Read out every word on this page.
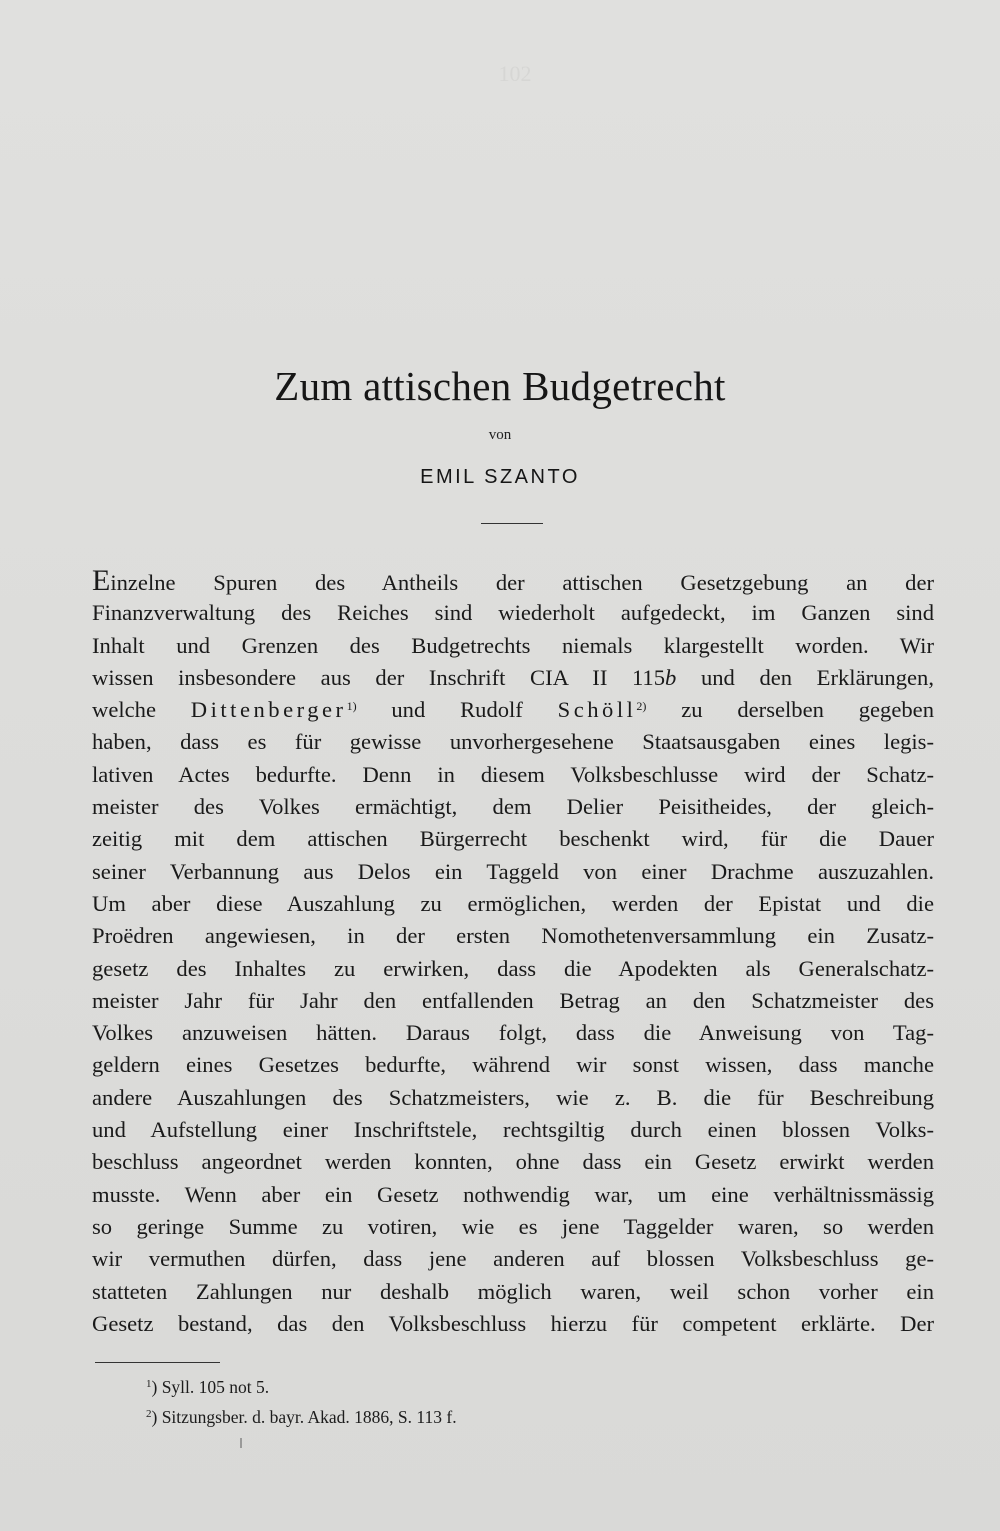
Zum attischen Budgetrecht
von
EMIL SZANTO
Einzelne Spuren des Antheils der attischen Gesetzgebung an der
Finanzverwaltung des Reiches sind wiederholt aufgedeckt, im Ganzen sind
Inhalt und Grenzen des Budgetrechts niemals klargestellt worden. Wir
wissen insbesondere aus der Inschrift CIA II 115b und den Erklärungen,
welche Dittenberger$^{1)}$ und Rudolf Schöll$^{2)}$ zu derselben gegeben
haben, dass es für gewisse unvorhergesehene Staatsausgaben eines legis-
lativen Actes bedurfte. Denn in diesem Volksbeschlusse wird der Schatz-
meister des Volkes ermächtigt, dem Delier Peisitheides, der gleich-
zeitig mit dem attischen Bürgerrecht beschenkt wird, für die Dauer
seiner Verbannung aus Delos ein Taggeld von einer Drachme auszuzahlen.
Um aber diese Auszahlung zu ermöglichen, werden der Epistat und die
Proëdren angewiesen, in der ersten Nomothetenversammlung ein Zusatz-
gesetz des Inhaltes zu erwirken, dass die Apodekten als Generalschatz-
meister Jahr für Jahr den entfallenden Betrag an den Schatzmeister des
Volkes anzuweisen hätten. Daraus folgt, dass die Anweisung von Tag-
geldern eines Gesetzes bedurfte, während wir sonst wissen, dass manche
andere Auszahlungen des Schatzmeisters, wie z. B. die für Beschreibung
und Aufstellung einer Inschriftstele, rechtsgiltig durch einen blossen Volks-
beschluss angeordnet werden konnten, ohne dass ein Gesetz erwirkt werden
musste. Wenn aber ein Gesetz nothwendig war, um eine verhältnissmässig
so geringe Summe zu votiren, wie es jene Taggelder waren, so werden
wir vermuthen dürfen, dass jene anderen auf blossen Volksbeschluss ge-
statteten Zahlungen nur deshalb möglich waren, weil schon vorher ein
Gesetz bestand, das den Volksbeschluss hierzu für competent erklärte. Der
$^1$) Syll. 105 not 5.
$^2$) Sitzungsber. d. bayr. Akad. 1886, S. 113 f.
